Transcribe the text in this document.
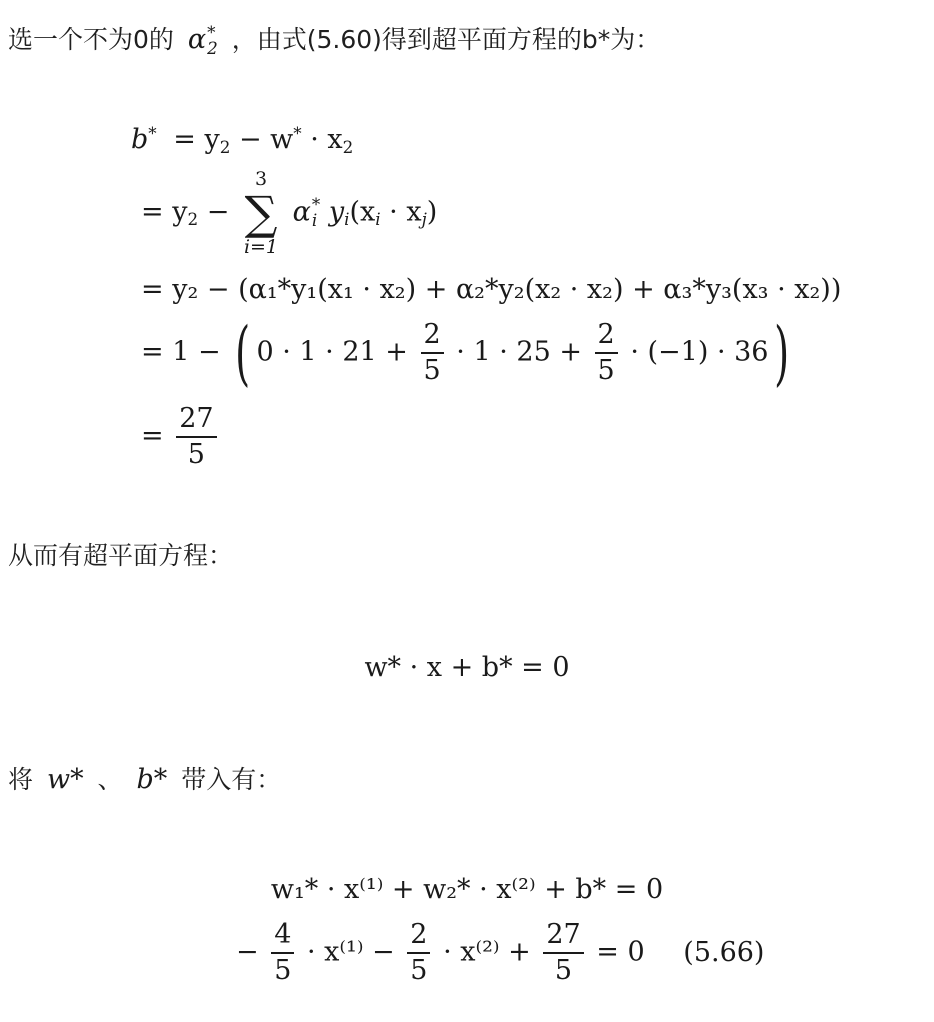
选一个不为0的 α *
2 ，由式(5.60)得到超平面方程的b*为：
$b^* = y_2 - w^* \cdot x_2$
= $y_2$ −
3
∑
i=1
α *
i $y_i(x_i \cdot x_j)$
= y₂ − (α₁*y₁(x₁ · x₂) + α₂*y₂(x₂ · x₂) + α₃*y₃(x₃ · x₂))
= 1 − ( $0 \cdot 1 \cdot 21 + \frac{2}{5} \cdot 1 \cdot 25 + \frac{2}{5} \cdot (-1) \cdot 36$)
= $\frac{27}{5}$
从而有超平面方程：
w* · x + b* = 0
将 w* 、 b* 带入有：
w₁* · x⁽¹⁾ + w₂* · x⁽²⁾ + b* = 0
− $\frac{4}{5} \cdot x^{(1)} - \frac{2}{5} \cdot x^{(2)} + \frac{27}{5} = 0$ (5.66)
